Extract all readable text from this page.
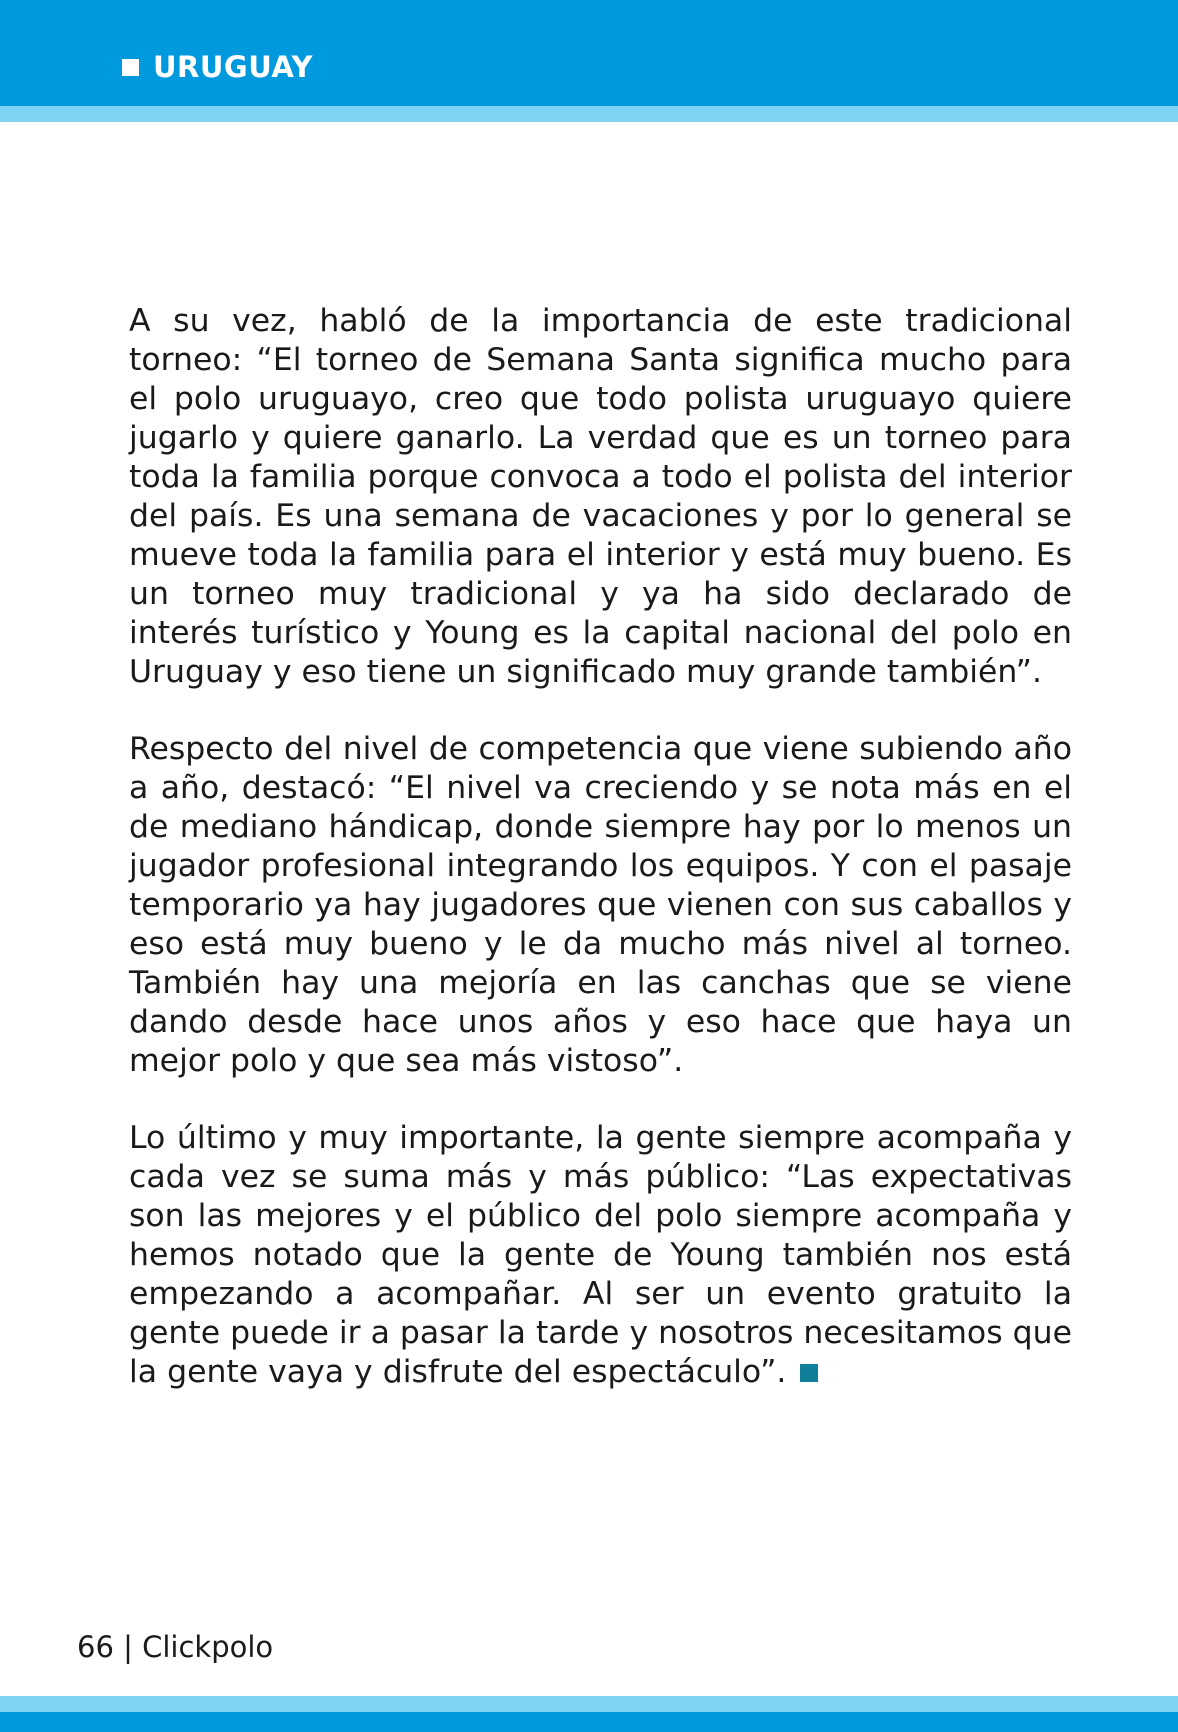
URUGUAY

A su vez, habló de la importancia de este tradicional torneo: “El torneo de Semana Santa significa mucho para el polo uruguayo, creo que todo polista uruguayo quiere jugarlo y quiere ganarlo. La verdad que es un torneo para toda la familia porque convoca a todo el polista del interior del país. Es una semana de vacaciones y por lo general se mueve toda la familia para el interior y está muy bueno. Es un torneo muy tradicional y ya ha sido declarado de interés turístico y Young es la capital nacional del polo en Uruguay y eso tiene un significado muy grande también”.

Respecto del nivel de competencia que viene subiendo año a año, destacó: “El nivel va creciendo y se nota más en el de mediano hándicap, donde siempre hay por lo menos un jugador profesional integrando los equipos. Y con el pasaje temporario ya hay jugadores que vienen con sus caballos y eso está muy bueno y le da mucho más nivel al torneo. También hay una mejoría en las canchas que se viene dando desde hace unos años y eso hace que haya un mejor polo y que sea más vistoso”.

Lo último y muy importante, la gente siempre acompaña y cada vez se suma más y más público: “Las expectativas son las mejores y el público del polo siempre acompaña y hemos notado que la gente de Young también nos está empezando a acompañar. Al ser un evento gratuito la gente puede ir a pasar la tarde y nosotros necesitamos que la gente vaya y disfrute del espectáculo”.

66 | Clickpolo
